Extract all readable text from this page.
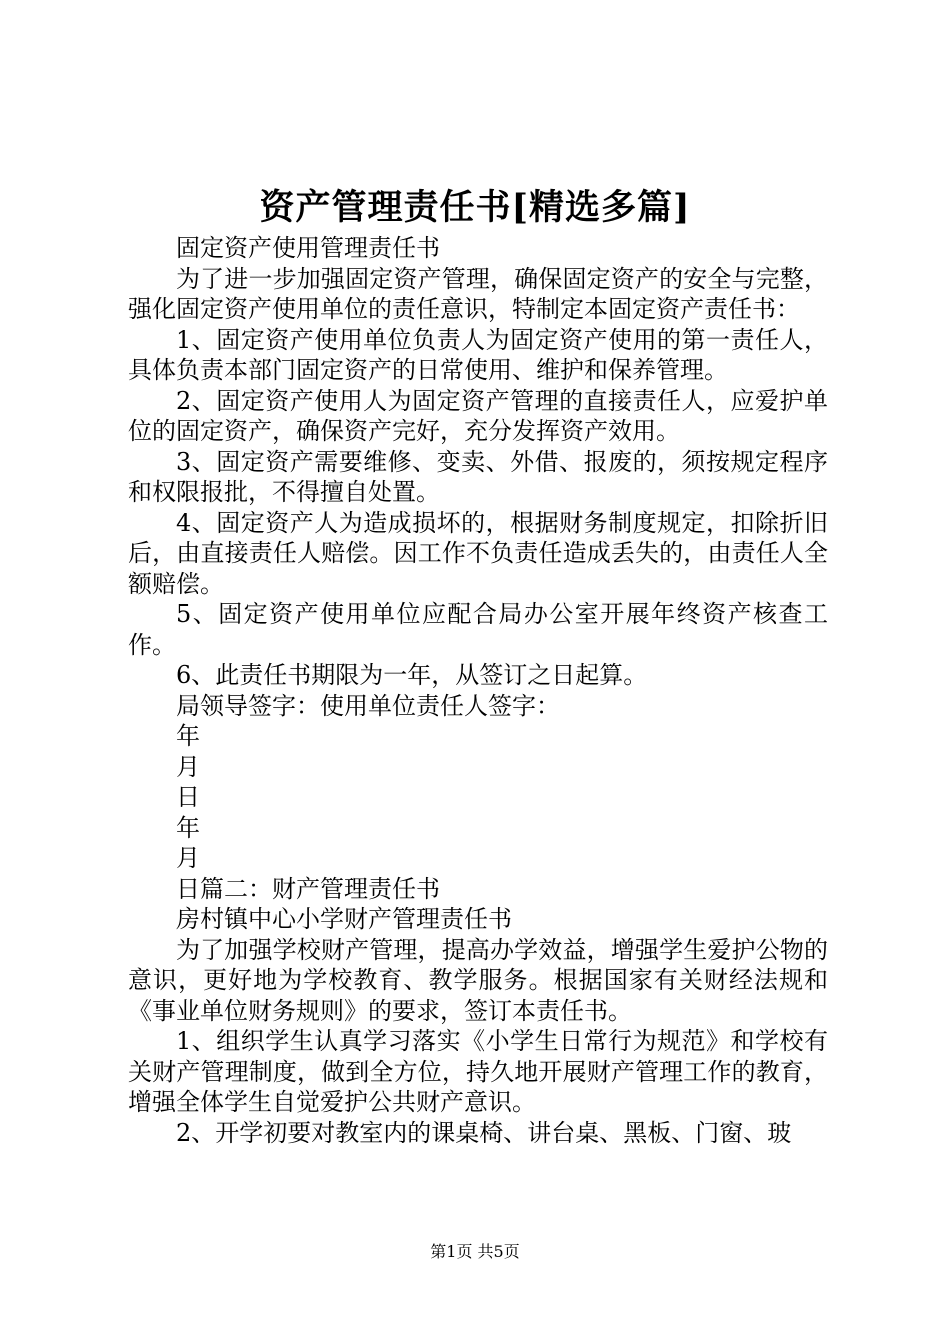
资产管理责任书[精选多篇]

固定资产使用管理责任书

为了进一步加强固定资产管理，确保固定资产的安全与完整，强化固定资产使用单位的责任意识，特制定本固定资产责任书：

1、固定资产使用单位负责人为固定资产使用的第一责任人，具体负责本部门固定资产的日常使用、维护和保养管理。

2、固定资产使用人为固定资产管理的直接责任人，应爱护单位的固定资产，确保资产完好，充分发挥资产效用。

3、固定资产需要维修、变卖、外借、报废的，须按规定程序和权限报批，不得擅自处置。

4、固定资产人为造成损坏的，根据财务制度规定，扣除折旧后，由直接责任人赔偿。因工作不负责任造成丢失的，由责任人全额赔偿。

5、固定资产使用单位应配合局办公室开展年终资产核查工作。

6、此责任书期限为一年，从签订之日起算。

局领导签字：使用单位责任人签字：

年

月

日

年

月

日篇二：财产管理责任书

房村镇中心小学财产管理责任书

为了加强学校财产管理，提高办学效益，增强学生爱护公物的意识，更好地为学校教育、教学服务。根据国家有关财经法规和《事业单位财务规则》的要求，签订本责任书。

1、组织学生认真学习落实《小学生日常行为规范》和学校有关财产管理制度，做到全方位，持久地开展财产管理工作的教育，增强全体学生自觉爱护公共财产意识。

2、开学初要对教室内的课桌椅、讲台桌、黑板、门窗、玻

第1页 共5页
